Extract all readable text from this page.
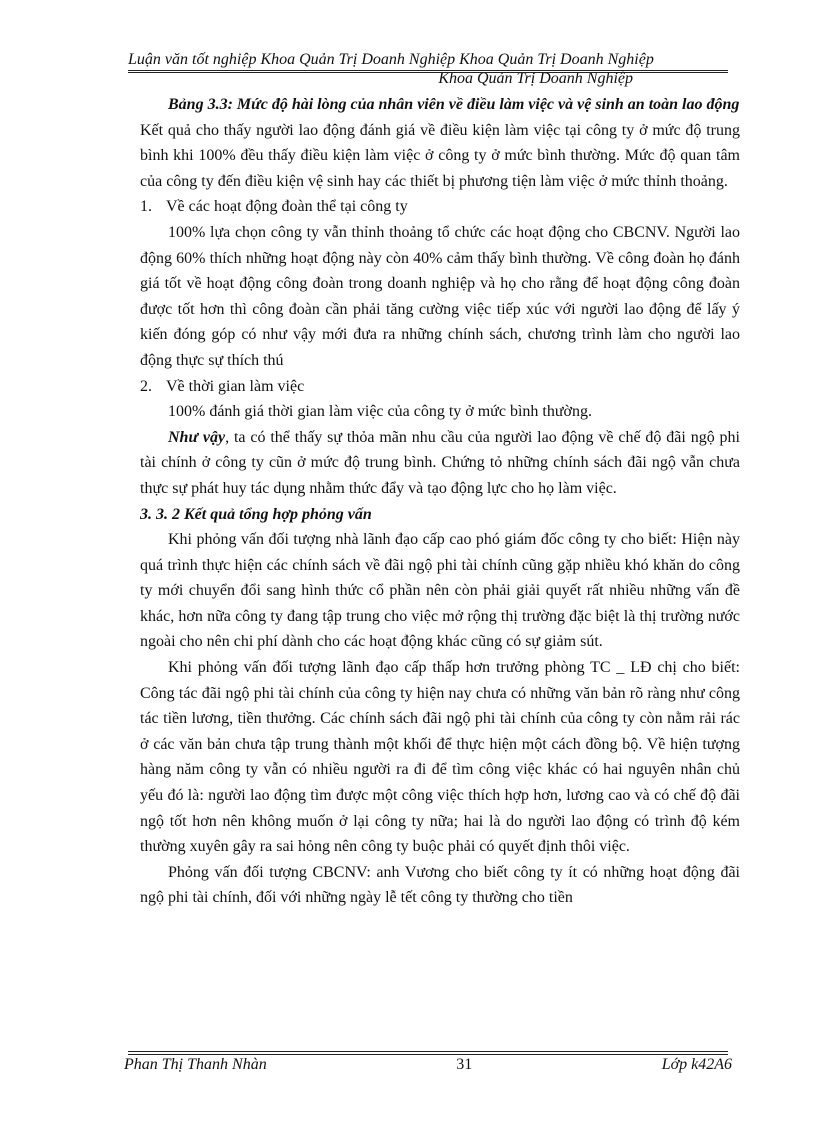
Luận văn tốt nghiệp Khoa Quản Trị Doanh Nghiệp Khoa Quản Trị Doanh Nghiệp
Khoa Quản Trị Doanh Nghiệp

Bảng 3.3: Mức độ hài lòng của nhân viên về điều làm việc và vệ sinh an toàn lao động

Kết quả cho thấy người lao động đánh giá về điều kiện làm việc tại công ty ở mức độ trung bình khi 100% đều thấy điều kiện làm việc ở công ty ở mức bình thường. Mức độ quan tâm của công ty đến điều kiện vệ sinh hay các thiết bị phương tiện làm việc ở mức thỉnh thoảng.

1. Về các hoạt động đoàn thể tại công ty

100% lựa chọn công ty vẫn thỉnh thoảng tổ chức các hoạt động cho CBCNV. Người lao động 60% thích những hoạt động này còn 40% cảm thấy bình thường. Về công đoàn họ đánh giá tốt về hoạt động công đoàn trong doanh nghiệp và họ cho rằng để hoạt động công đoàn được tốt hơn thì công đoàn cần phải tăng cường việc tiếp xúc với người lao động để lấy ý kiến đóng góp có như vậy mới đưa ra những chính sách, chương trình làm cho người lao động thực sự thích thú

2. Về thời gian làm việc

100% đánh giá thời gian làm việc của công ty ở mức bình thường.

Như vậy, ta có thể thấy sự thỏa mãn nhu cầu của người lao động về chế độ đãi ngộ phi tài chính ở công ty cũn ở mức độ trung bình. Chứng tỏ những chính sách đãi ngộ vẫn chưa thực sự phát huy tác dụng nhằm thức đẩy và tạo động lực cho họ làm việc.

3. 3. 2 Kết quả tổng hợp phỏng vấn

Khi phỏng vấn đối tượng nhà lãnh đạo cấp cao phó giám đốc công ty cho biết: Hiện này quá trình thực hiện các chính sách về đãi ngộ phi tài chính cũng gặp nhiều khó khăn do công ty mới chuyển đổi sang hình thức cổ phần nên còn phải giải quyết rất nhiều những vấn đề khác, hơn nữa công ty đang tập trung cho việc mở rộng thị trường đặc biệt là thị trường nước ngoài cho nên chi phí dành cho các hoạt động khác cũng có sự giảm sút.

Khi phỏng vấn đối tượng lãnh đạo cấp thấp hơn trưởng phòng TC _ LĐ chị cho biết: Công tác đãi ngộ phi tài chính của công ty hiện nay chưa có những văn bản rõ ràng như công tác tiền lương, tiền thưởng. Các chính sách đãi ngộ phi tài chính của công ty còn nằm rải rác ở các văn bản chưa tập trung thành một khối để thực hiện một cách đồng bộ. Về hiện tượng hàng năm công ty vẫn có nhiều người ra đi để tìm công việc khác có hai nguyên nhân chủ yếu đó là: người lao động tìm được một công việc thích hợp hơn, lương cao và có chế độ đãi ngộ tốt hơn nên không muốn ở lại công ty nữa; hai là do người lao động có trình độ kém thường xuyên gây ra sai hỏng nên công ty buộc phải có quyết định thôi việc.

Phỏng vấn đối tượng CBCNV: anh Vương cho biết công ty ít có những hoạt động đãi ngộ phi tài chính, đối với những ngày lễ tết công ty thường cho tiền

Phan Thị Thanh Nhàn	31	Lớp k42A6
